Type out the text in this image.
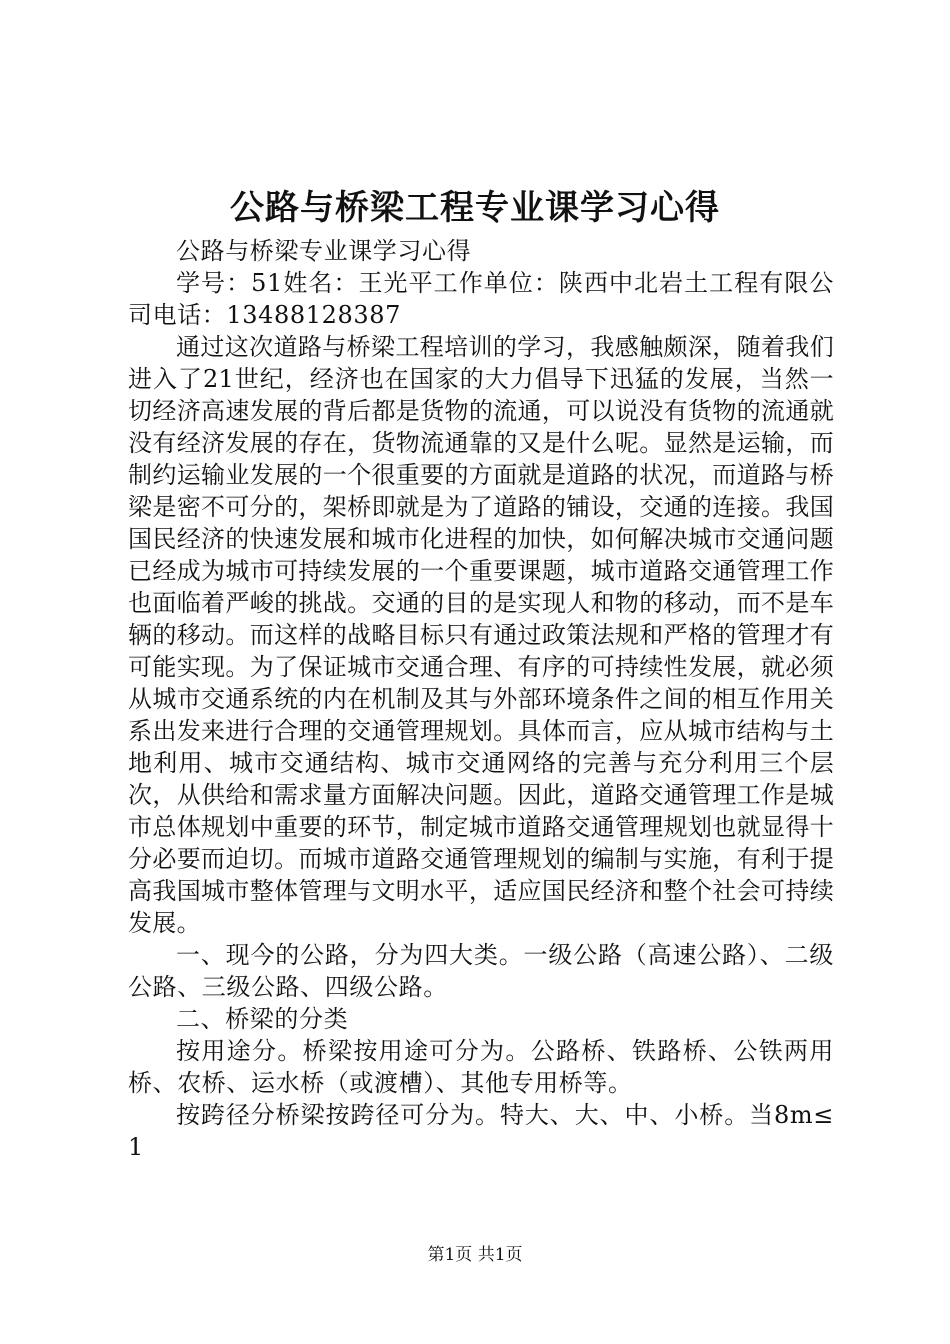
公路与桥梁工程专业课学习心得

公路与桥梁专业课学习心得

学号：51姓名：王光平工作单位：陕西中北岩土工程有限公司电话：13488128387

通过这次道路与桥梁工程培训的学习，我感触颇深，随着我们进入了21世纪，经济也在国家的大力倡导下迅猛的发展，当然一切经济高速发展的背后都是货物的流通，可以说没有货物的流通就没有经济发展的存在，货物流通靠的又是什么呢。显然是运输，而制约运输业发展的一个很重要的方面就是道路的状况，而道路与桥梁是密不可分的，架桥即就是为了道路的铺设，交通的连接。我国国民经济的快速发展和城市化进程的加快，如何解决城市交通问题已经成为城市可持续发展的一个重要课题，城市道路交通管理工作也面临着严峻的挑战。交通的目的是实现人和物的移动，而不是车辆的移动。而这样的战略目标只有通过政策法规和严格的管理才有可能实现。为了保证城市交通合理、有序的可持续性发展，就必须从城市交通系统的内在机制及其与外部环境条件之间的相互作用关系出发来进行合理的交通管理规划。具体而言，应从城市结构与土地利用、城市交通结构、城市交通网络的完善与充分利用三个层次，从供给和需求量方面解决问题。因此，道路交通管理工作是城市总体规划中重要的环节，制定城市道路交通管理规划也就显得十分必要而迫切。而城市道路交通管理规划的编制与实施，有利于提高我国城市整体管理与文明水平，适应国民经济和整个社会可持续发展。

一、现今的公路，分为四大类。一级公路（高速公路）、二级公路、三级公路、四级公路。

二、桥梁的分类

按用途分。桥梁按用途可分为。公路桥、铁路桥、公铁两用桥、农桥、运水桥（或渡槽）、其他专用桥等。

按跨径分桥梁按跨径可分为。特大、大、中、小桥。当8m≤1

第1页 共1页
